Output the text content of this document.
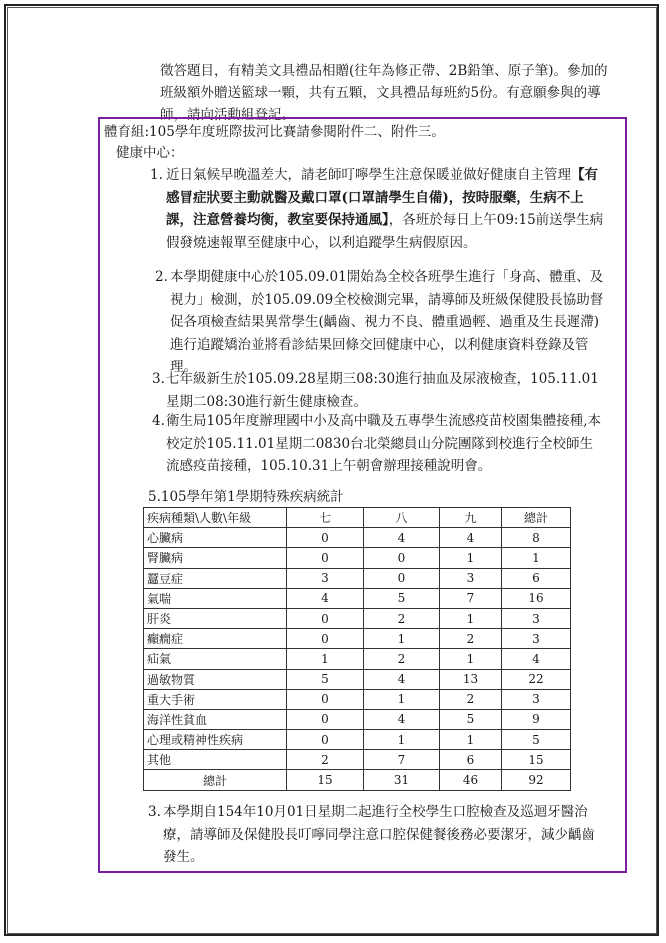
徵答題目，有精美文具禮品相贈(往年為修正帶、2B鉛筆、原子筆)。參加的班級額外贈送籃球一顆，共有五顆，文具禮品每班約5份。有意願參與的導師，請向活動組登記。
體育組:105學年度班際拔河比賽請參閱附件二、附件三。
健康中心：
1. 近日氣候早晚溫差大，請老師叮嚀學生注意保暖並做好健康自主管理【有感冒症狀要主動就醫及戴口罩(口罩請學生自備)，按時服藥，生病不上課，注意營養均衡，教室要保持通風】，各班於每日上午09:15前送學生病假發燒速報單至健康中心，以利追蹤學生病假原因。
2. 本學期健康中心於105.09.01開始為全校各班學生進行「身高、體重、及視力」檢測，於105.09.09全校檢測完畢，請導師及班級保健股長協助督促各項檢查結果異常學生(齲齒、視力不良、體重過輕、過重及生長遲滯) 進行追蹤矯治並將看診結果回條交回健康中心，以利健康資料登錄及管理。
3. 七年級新生於105.09.28星期三08:30進行抽血及尿液檢查，105.11.01星期二08:30進行新生健康檢查。
4. 衛生局105年度辦理國中小及高中職及五專學生流感疫苗校園集體接種,本校定於105.11.01星期二0830台北榮總員山分院團隊到校進行全校師生流感疫苗接種，105.10.31上午朝會辦理接種說明會。
5.105學年第1學期特殊疾病統計
疾病種類\人數\年級	七	八	九	總計
心臟病	0	4	4	8
腎臟病	0	0	1	1
蠶豆症	3	0	3	6
氣喘	4	5	7	16
肝炎	0	2	1	3
癲癇症	0	1	2	3
疝氣	1	2	1	4
過敏物質	5	4	13	22
重大手術	0	1	2	3
海洋性貧血	0	4	5	9
心理或精神性疾病	0	1	1	5
其他	2	7	6	15
總計	15	31	46	92
3. 本學期自154年10月01日星期二起進行全校學生口腔檢查及巡迴牙醫治療，請導師及保健股長叮嚀同學注意口腔保健餐後務必要潔牙，減少齲齒發生。
